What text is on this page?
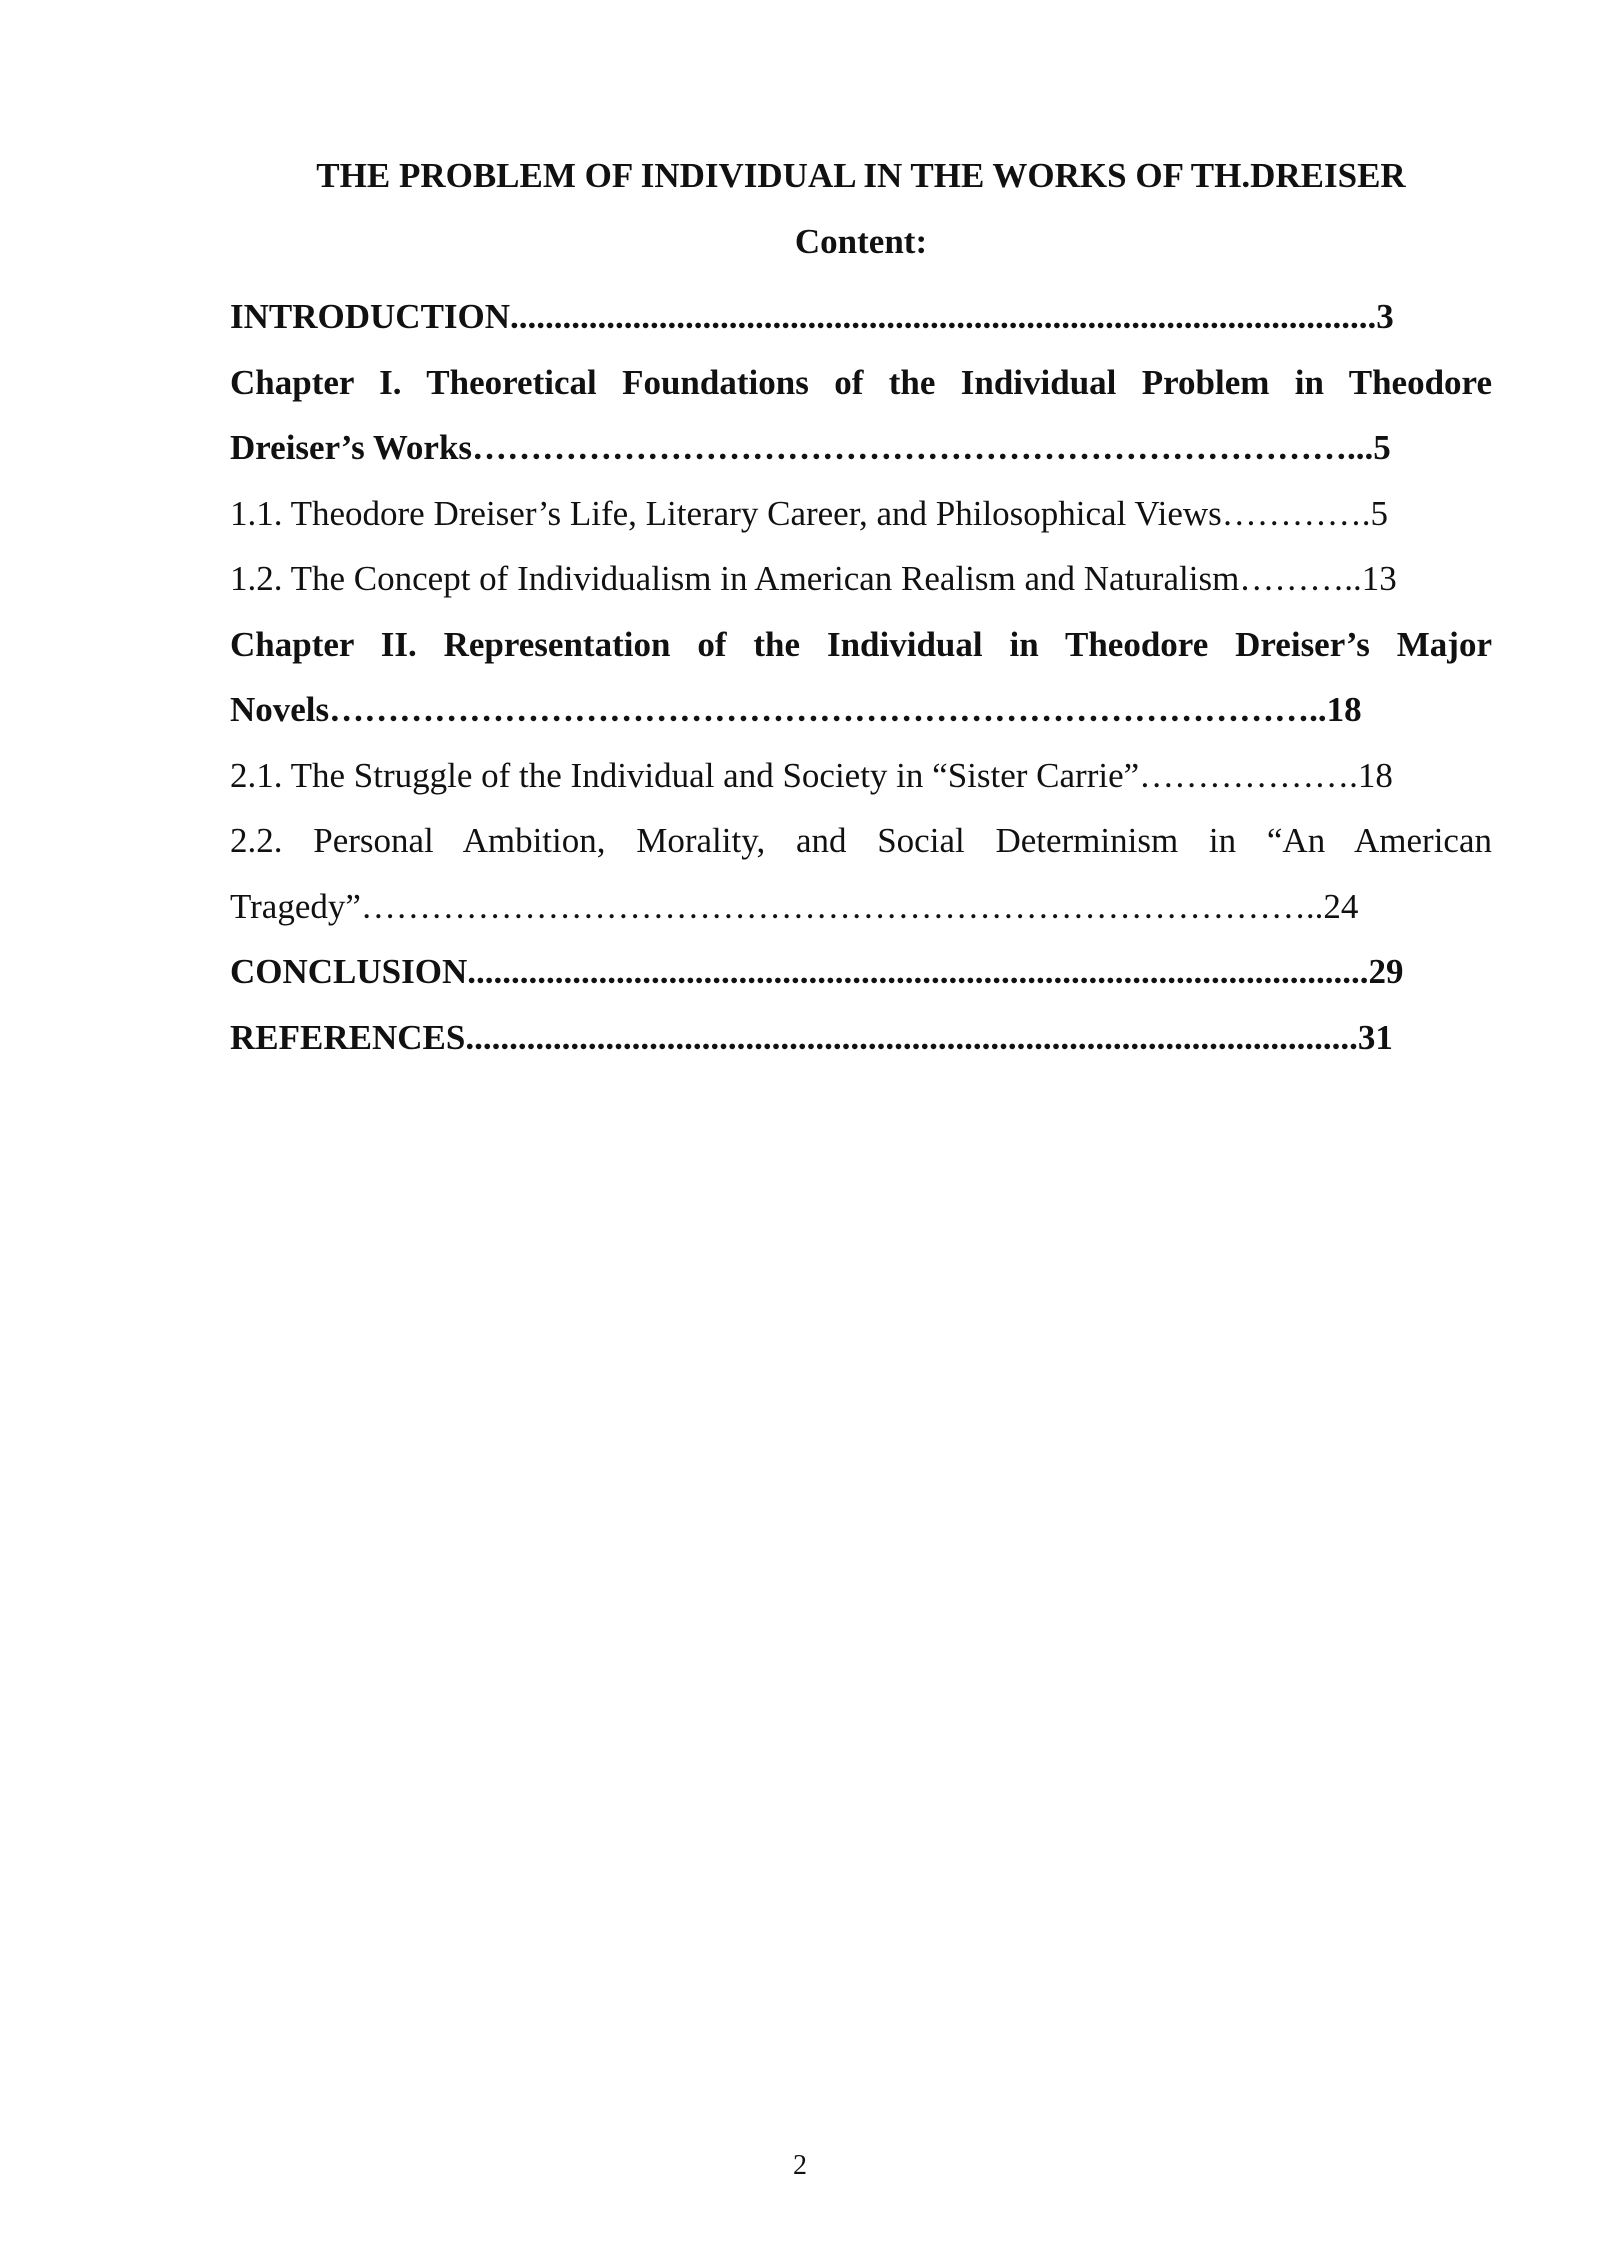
THE PROBLEM OF INDIVIDUAL IN THE WORKS OF TH.DREISER
Content:
INTRODUCTION...................................................................................................3
Chapter I. Theoretical Foundations of the Individual Problem in Theodore
Dreiser’s Works…………………………………………………………………...5
1.1. Theodore Dreiser’s Life, Literary Career, and Philosophical Views………….5
1.2. The Concept of Individualism in American Realism and Naturalism………..13
Chapter II. Representation of the Individual in Theodore Dreiser’s Major
Novels…………………………………………………………………………..18
2.1. The Struggle of the Individual and Society in “Sister Carrie”……………….18
2.2. Personal Ambition, Morality, and Social Determinism in “An American
Tragedy”………………………………………………………………………..24
CONCLUSION.......................................................................................................29
REFERENCES......................................................................................................31
2
